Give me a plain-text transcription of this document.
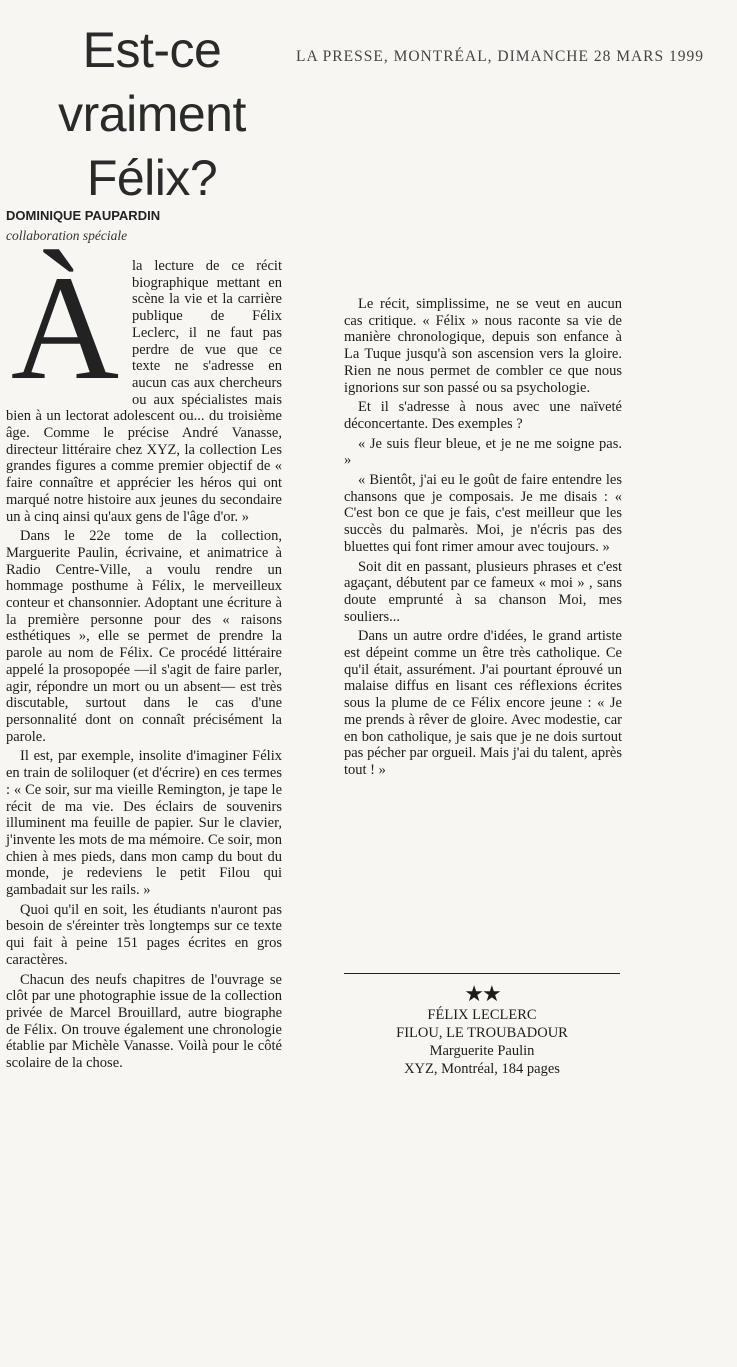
Est-ce
vraiment
Félix?
LA PRESSE, MONTRÉAL, DIMANCHE 28 MARS 1999
DOMINIQUE PAUPARDIN
collaboration spéciale
À la lecture de ce récit biographique mettant en scène la vie et la carrière publique de Félix Leclerc, il ne faut pas perdre de vue que ce texte ne s'adresse en aucun cas aux chercheurs ou aux spécialistes mais bien à un lectorat adolescent ou... du troisième âge. Comme le précise André Vanasse, directeur littéraire chez XYZ, la collection Les grandes figures a comme premier objectif de « faire connaître et apprécier les héros qui ont marqué notre histoire aux jeunes du secondaire un à cinq ainsi qu'aux gens de l'âge d'or. »

Dans le 22e tome de la collection, Marguerite Paulin, écrivaine, et animatrice à Radio Centre-Ville, a voulu rendre un hommage posthume à Félix, le merveilleux conteur et chansonnier. Adoptant une écriture à la première personne pour des « raisons esthétiques », elle se permet de prendre la parole au nom de Félix. Ce procédé littéraire appelé la prosopopée —il s'agit de faire parler, agir, répondre un mort ou un absent— est très discutable, surtout dans le cas d'une personnalité dont on connaît précisément la parole.

Il est, par exemple, insolite d'imaginer Félix en train de soliloquer (et d'écrire) en ces termes : « Ce soir, sur ma vieille Remington, je tape le récit de ma vie. Des éclairs de souvenirs illuminent ma feuille de papier. Sur le clavier, j'invente les mots de ma mémoire. Ce soir, mon chien à mes pieds, dans mon camp du bout du monde, je redeviens le petit Filou qui gambadait sur les rails. »

Quoi qu'il en soit, les étudiants n'auront pas besoin de s'éreinter très longtemps sur ce texte qui fait à peine 151 pages écrites en gros caractères.

Chacun des neufs chapitres de l'ouvrage se clôt par une photographie issue de la collection privée de Marcel Brouillard, autre biographe de Félix. On trouve également une chronologie établie par Michèle Vanasse. Voilà pour le côté scolaire de la chose.

Le récit, simplissime, ne se veut en aucun cas critique. « Félix » nous raconte sa vie de manière chronologique, depuis son enfance à La Tuque jusqu'à son ascension vers la gloire. Rien ne nous permet de combler ce que nous ignorions sur son passé ou sa psychologie.

Et il s'adresse à nous avec une naïveté déconcertante. Des exemples ?

« Je suis fleur bleue, et je ne me soigne pas. »

« Bientôt, j'ai eu le goût de faire entendre les chansons que je composais. Je me disais : « C'est bon ce que je fais, c'est meilleur que les succès du palmarès. Moi, je n'écris pas des bluettes qui font rimer amour avec toujours. »

Soit dit en passant, plusieurs phrases et c'est agaçant, débutent par ce fameux « moi » , sans doute emprunté à sa chanson Moi, mes souliers...

Dans un autre ordre d'idées, le grand artiste est dépeint comme un être très catholique. Ce qu'il était, assurément. J'ai pourtant éprouvé un malaise diffus en lisant ces réflexions écrites sous la plume de ce Félix encore jeune : « Je me prends à rêver de gloire. Avec modestie, car en bon catholique, je sais que je ne dois surtout pas pécher par orgueil. Mais j'ai du talent, après tout ! »

★★
FÉLIX LECLERC
FILOU, LE TROUBADOUR
Marguerite Paulin
XYZ, Montréal, 184 pages
